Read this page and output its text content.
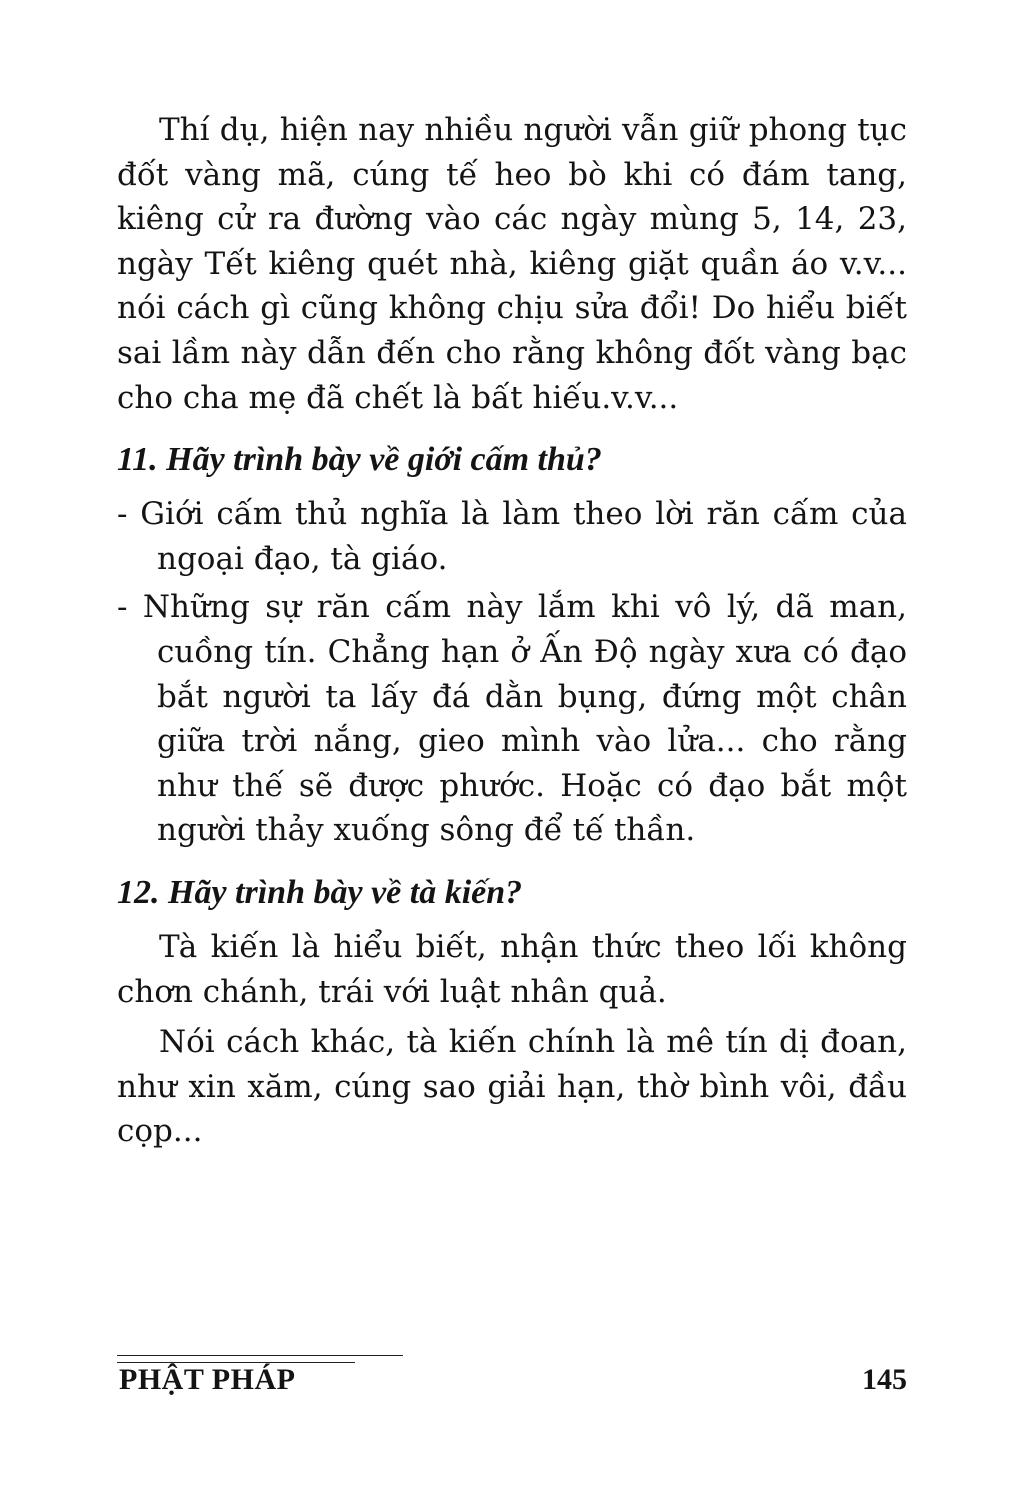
Thí dụ, hiện nay nhiều người vẫn giữ phong tục đốt vàng mã, cúng tế heo bò khi có đám tang, kiêng cử ra đường vào các ngày mùng 5, 14, 23, ngày Tết kiêng quét nhà, kiêng giặt quần áo v.v... nói cách gì cũng không chịu sửa đổi! Do hiểu biết sai lầm này dẫn đến cho rằng không đốt vàng bạc cho cha mẹ đã chết là bất hiếu.v.v...

11. Hãy trình bày về giới cấm thủ?

- Giới cấm thủ nghĩa là làm theo lời răn cấm của ngoại đạo, tà giáo.

- Những sự răn cấm này lắm khi vô lý, dã man, cuồng tín. Chẳng hạn ở Ấn Độ ngày xưa có đạo bắt người ta lấy đá dằn bụng, đứng một chân giữa trời nắng, gieo mình vào lửa... cho rằng như thế sẽ được phước. Hoặc có đạo bắt một người thảy xuống sông để tế thần.

12. Hãy trình bày về tà kiến?

Tà kiến là hiểu biết, nhận thức theo lối không chơn chánh, trái với luật nhân quả.

Nói cách khác, tà kiến chính là mê tín dị đoan, như xin xăm, cúng sao giải hạn, thờ bình vôi, đầu cọp...

PHẬT PHÁP	145
